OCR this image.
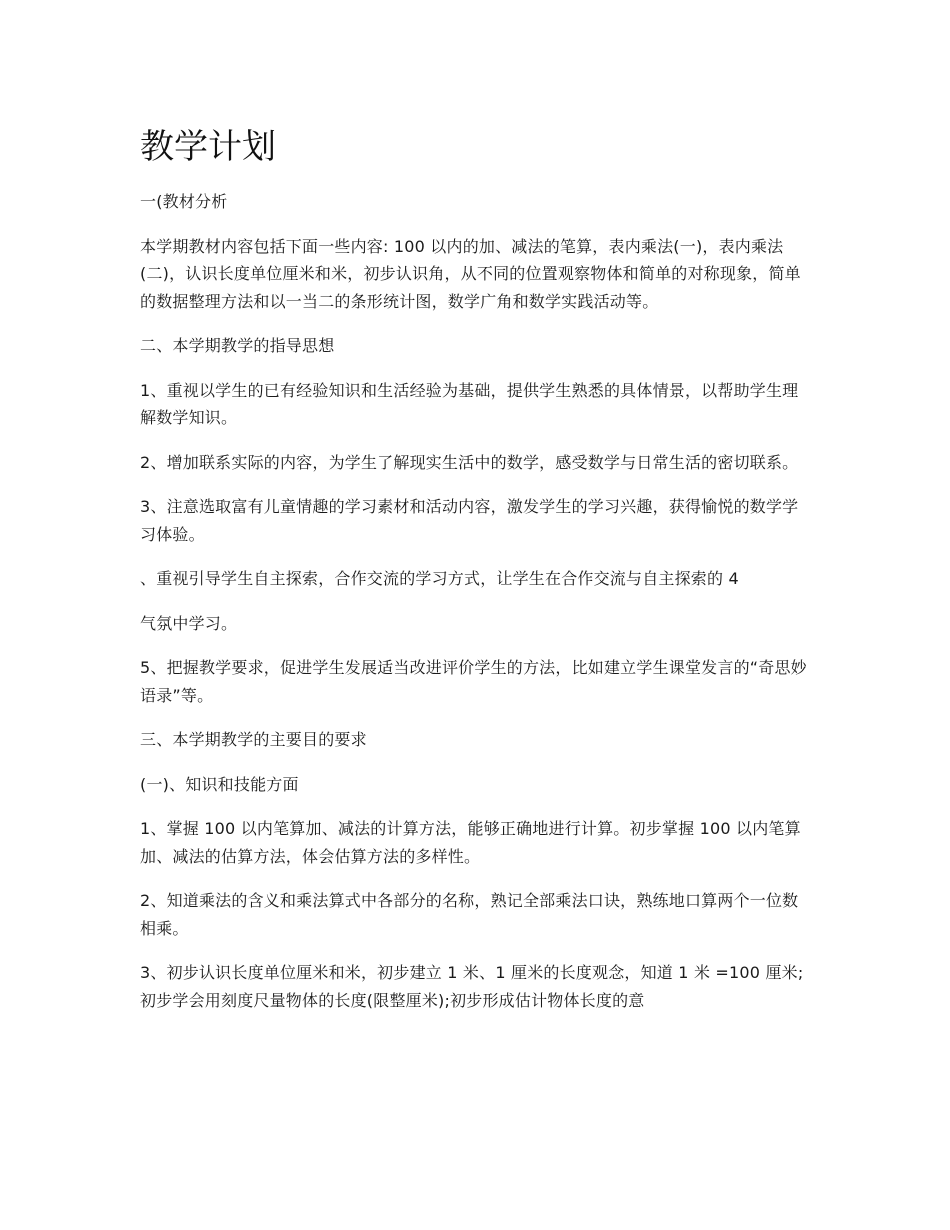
教学计划

一(教材分析

本学期教材内容包括下面一些内容: 100 以内的加、减法的笔算，表内乘法(一)，表内乘法(二)，认识长度单位厘米和米，初步认识角，从不同的位置观察物体和简单的对称现象，简单的数据整理方法和以一当二的条形统计图，数学广角和数学实践活动等。

二、本学期教学的指导思想

1、重视以学生的已有经验知识和生活经验为基础，提供学生熟悉的具体情景，以帮助学生理解数学知识。

2、增加联系实际的内容，为学生了解现实生活中的数学，感受数学与日常生活的密切联系。

3、注意选取富有儿童情趣的学习素材和活动内容，激发学生的学习兴趣，获得愉悦的数学学习体验。

、重视引导学生自主探索，合作交流的学习方式，让学生在合作交流与自主探索的 4

气氛中学习。

5、把握教学要求，促进学生发展适当改进评价学生的方法，比如建立学生课堂发言的“奇思妙语录”等。

三、本学期教学的主要目的要求

(一)、知识和技能方面

1、掌握 100 以内笔算加、减法的计算方法，能够正确地进行计算。初步掌握 100 以内笔算加、减法的估算方法，体会估算方法的多样性。

2、知道乘法的含义和乘法算式中各部分的名称，熟记全部乘法口诀，熟练地口算两个一位数相乘。

3、初步认识长度单位厘米和米，初步建立 1 米、1 厘米的长度观念，知道 1 米 =100 厘米;初步学会用刻度尺量物体的长度(限整厘米);初步形成估计物体长度的意
